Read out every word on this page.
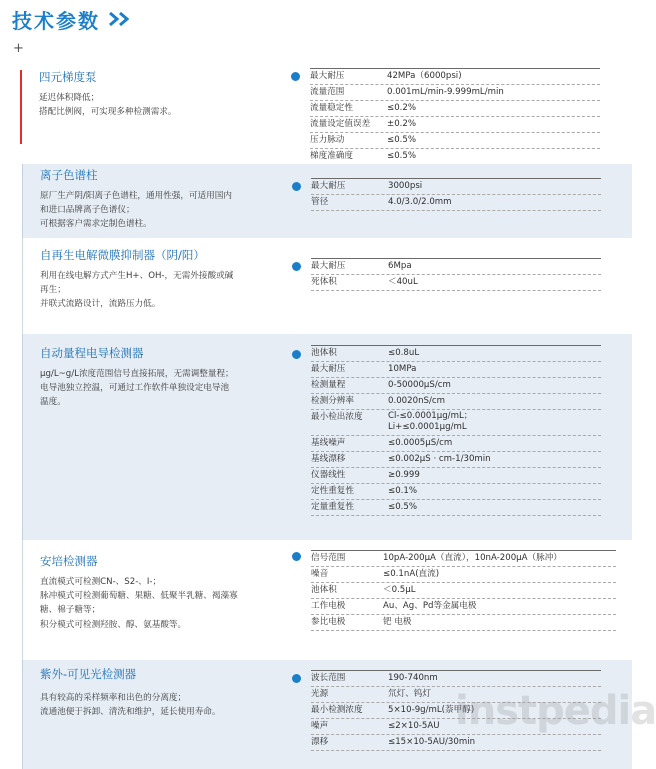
技术参数
+
四元梯度泵
延迟体积降低；
搭配比例阀，可实现多种检测需求。
最大耐压	42MPa（6000psi)
流量范围	0.001mL/min-9.999mL/min
流量稳定性	≤0.2%
流量设定值误差	±0.2%
压力脉动	≤0.5%
梯度准确度	≤0.5%
离子色谱柱
原厂生产阴/阳离子色谱柱，通用性强，可适用国内
和进口品牌离子色谱仪；
可根据客户需求定制色谱柱。
最大耐压	3000psi
管径	4.0/3.0/2.0mm
自再生电解微膜抑制器（阴/阳）
利用在线电解方式产生H+、OH-，无需外接酸或碱
再生；
并联式流路设计，流路压力低。
最大耐压	6Mpa
死体积	＜40uL
自动量程电导检测器
μg/L~g/L浓度范围信号直接拓展，无需调整量程；
电导池独立控温，可通过工作软件单独设定电导池
温度。
池体积	≤0.8uL
最大耐压	10MPa
检测量程	0-50000μS/cm
检测分辨率	0.0020nS/cm
最小检出浓度	Cl-≤0.0001μg/mL；
Li+≤0.0001μg/mL
基线噪声	≤0.0005μS/cm
基线漂移	≤0.002μS · cm-1/30min
仪器线性	≥0.999
定性重复性	≤0.1%
定量重复性	≤0.5%
安培检测器
直流模式可检测CN-、S2-、I-；
脉冲模式可检测葡萄糖、果糖、低聚半乳糖、褐藻寡
糖、棉子糖等；
积分模式可检测羟胺、醇、氨基酸等。
信号范围	10pA-200μA（直流），10nA-200μA（脉冲）
噪音	≤0.1nA(直流)
池体积	＜0.5μL
工作电极	Au、Ag、Pd等金属电极
参比电极	钯 电极
紫外-可见光检测器
具有较高的采样频率和出色的分离度；
流通池便于拆卸、清洗和维护，延长使用寿命。
波长范围	190-740nm
光源	氘灯、钨灯
最小检测浓度	5×10-9g/mL(萘甲醇)
噪声	≤2×10-5AU
漂移	≤15×10-5AU/30min
instpedia
